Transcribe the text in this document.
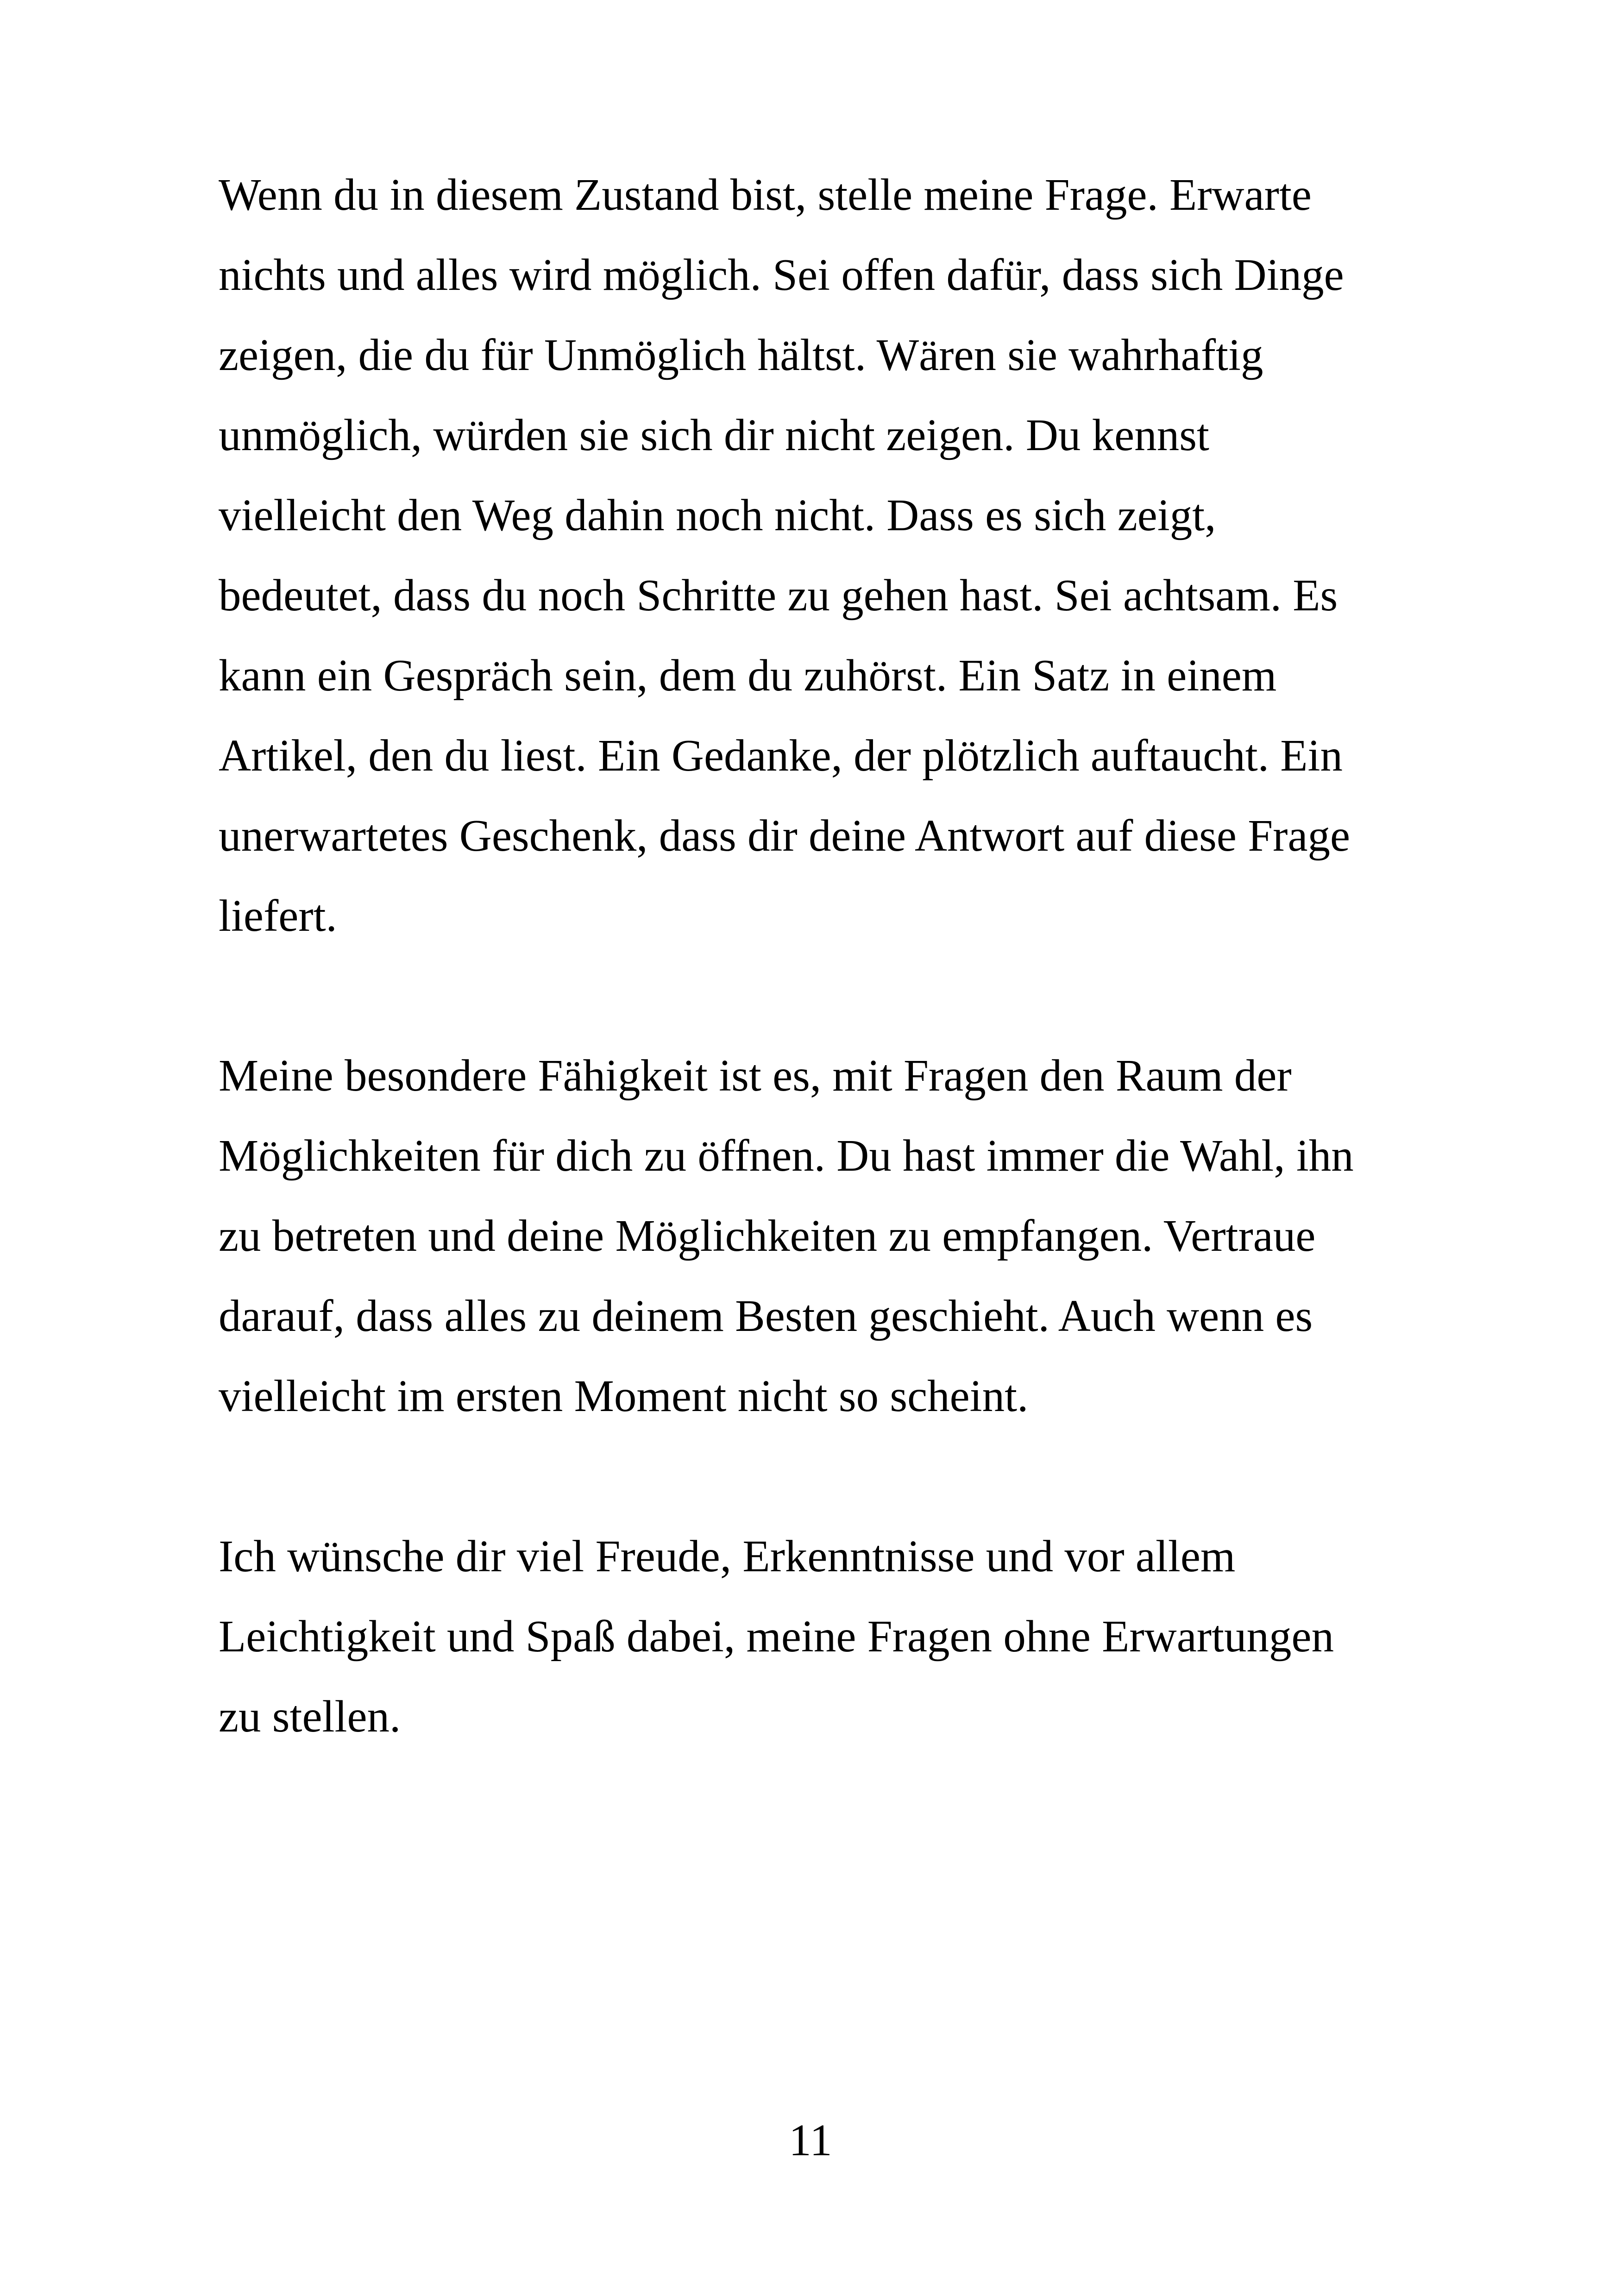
Wenn du in diesem Zustand bist, stelle meine Frage. Erwarte

nichts und alles wird möglich. Sei offen dafür, dass sich Dinge

zeigen, die du für Unmöglich hältst. Wären sie wahrhaftig

unmöglich, würden sie sich dir nicht zeigen. Du kennst

vielleicht den Weg dahin noch nicht. Dass es sich zeigt,

bedeutet, dass du noch Schritte zu gehen hast. Sei achtsam. Es

kann ein Gespräch sein, dem du zuhörst. Ein Satz in einem

Artikel, den du liest. Ein Gedanke, der plötzlich auftaucht. Ein

unerwartetes Geschenk, dass dir deine Antwort auf diese Frage

liefert.

Meine besondere Fähigkeit ist es, mit Fragen den Raum der

Möglichkeiten für dich zu öffnen. Du hast immer die Wahl, ihn

zu betreten und deine Möglichkeiten zu empfangen. Vertraue

darauf, dass alles zu deinem Besten geschieht. Auch wenn es

vielleicht im ersten Moment nicht so scheint.

Ich wünsche dir viel Freude, Erkenntnisse und vor allem

Leichtigkeit und Spaß dabei, meine Fragen ohne Erwartungen

zu stellen.

11
